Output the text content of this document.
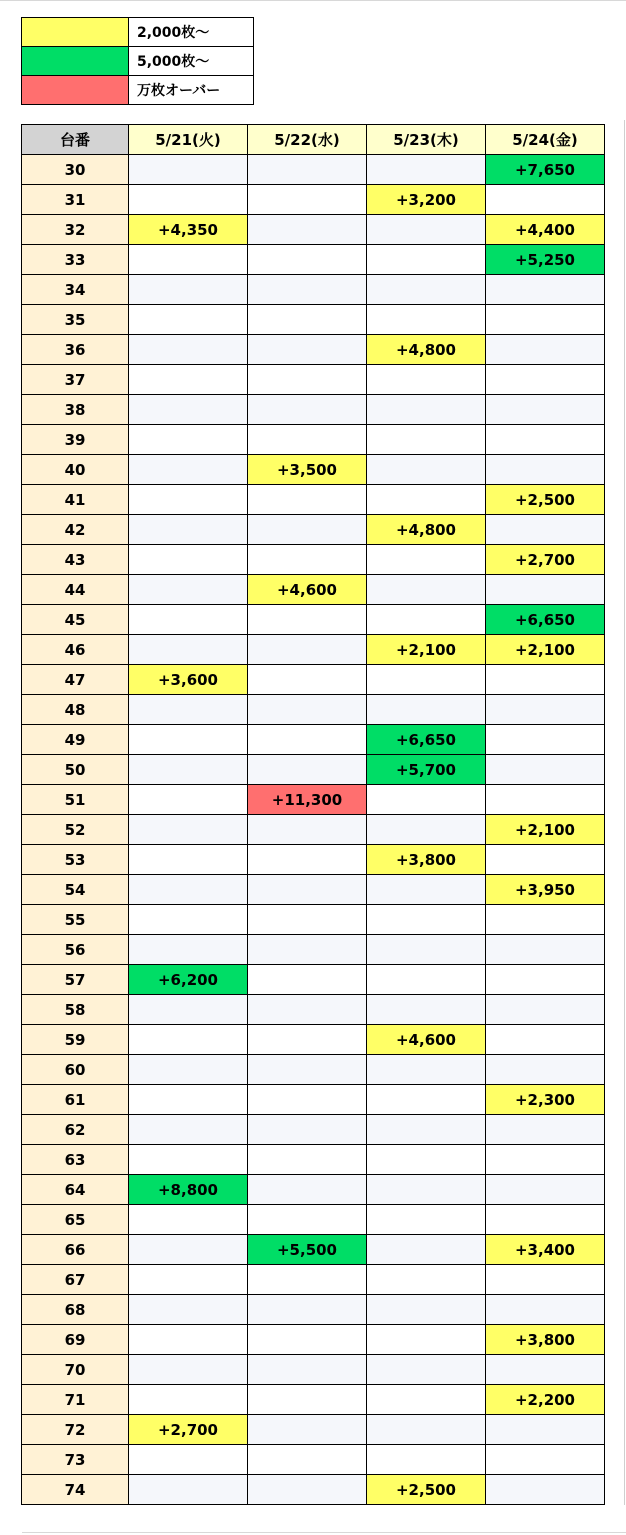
	2,000枚～
	5,000枚～
	万枚オーバー
台番	5/21(火)	5/22(水)	5/23(木)	5/24(金)
30				+7,650
31			+3,200	
32	+4,350			+4,400
33				+5,250
34				
35				
36			+4,800	
37				
38				
39				
40		+3,500		
41				+2,500
42			+4,800	
43				+2,700
44		+4,600		
45				+6,650
46			+2,100	+2,100
47	+3,600			
48				
49			+6,650	
50			+5,700	
51		+11,300		
52				+2,100
53			+3,800	
54				+3,950
55				
56				
57	+6,200			
58				
59			+4,600	
60				
61				+2,300
62				
63				
64	+8,800			
65				
66		+5,500		+3,400
67				
68				
69				+3,800
70				
71				+2,200
72	+2,700			
73				
74			+2,500	
